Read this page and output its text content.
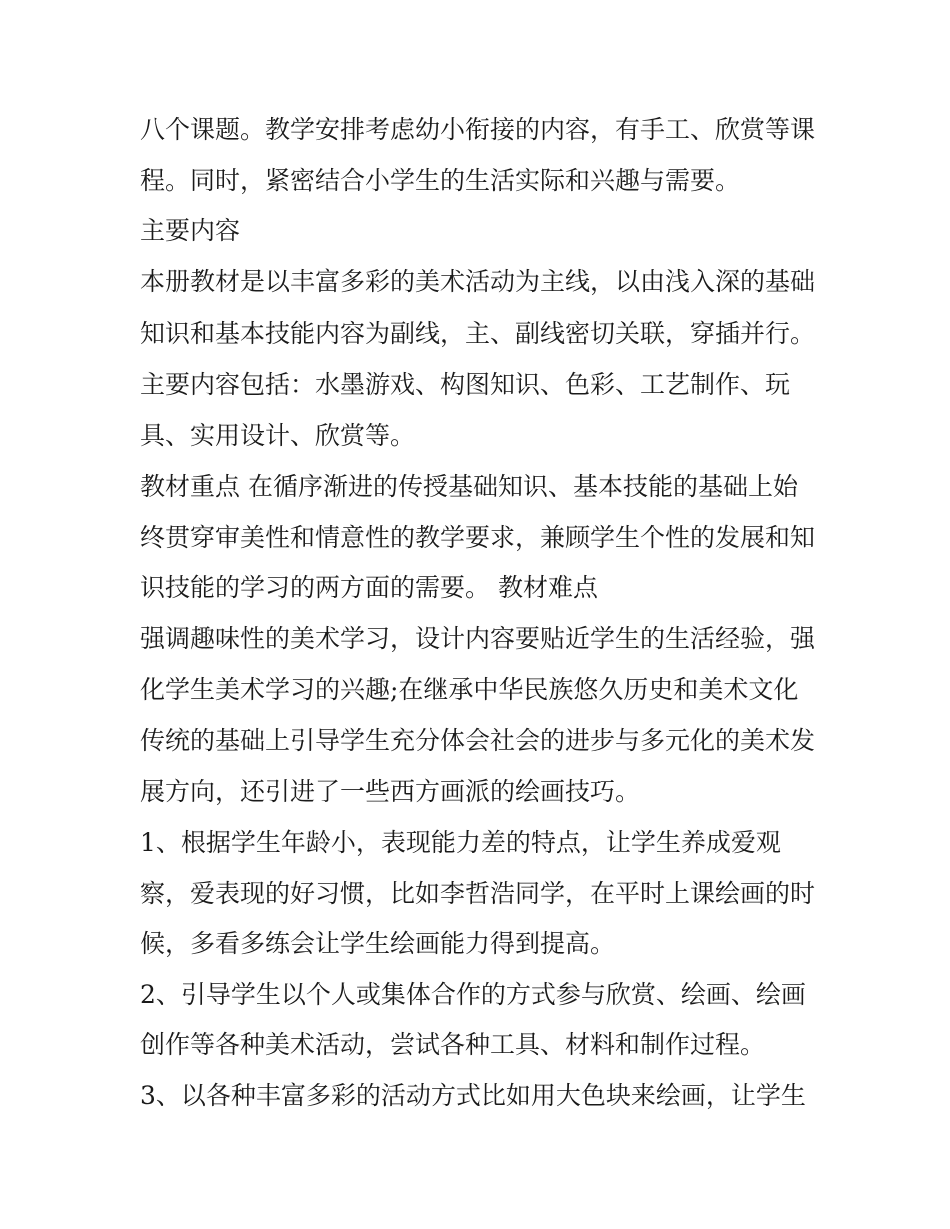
八个课题。教学安排考虑幼小衔接的内容，有手工、欣赏等课
程。同时，紧密结合小学生的生活实际和兴趣与需要。
主要内容
本册教材是以丰富多彩的美术活动为主线，以由浅入深的基础
知识和基本技能内容为副线，主、副线密切关联，穿插并行。
主要内容包括：水墨游戏、构图知识、色彩、工艺制作、玩
具、实用设计、欣赏等。
教材重点 在循序渐进的传授基础知识、基本技能的基础上始
终贯穿审美性和情意性的教学要求，兼顾学生个性的发展和知
识技能的学习的两方面的需要。 教材难点
强调趣味性的美术学习，设计内容要贴近学生的生活经验，强
化学生美术学习的兴趣;在继承中华民族悠久历史和美术文化
传统的基础上引导学生充分体会社会的进步与多元化的美术发
展方向，还引进了一些西方画派的绘画技巧。
1、根据学生年龄小，表现能力差的特点，让学生养成爱观
察，爱表现的好习惯，比如李哲浩同学，在平时上课绘画的时
候，多看多练会让学生绘画能力得到提高。
2、引导学生以个人或集体合作的方式参与欣赏、绘画、绘画
创作等各种美术活动，尝试各种工具、材料和制作过程。
3、以各种丰富多彩的活动方式比如用大色块来绘画，让学生
